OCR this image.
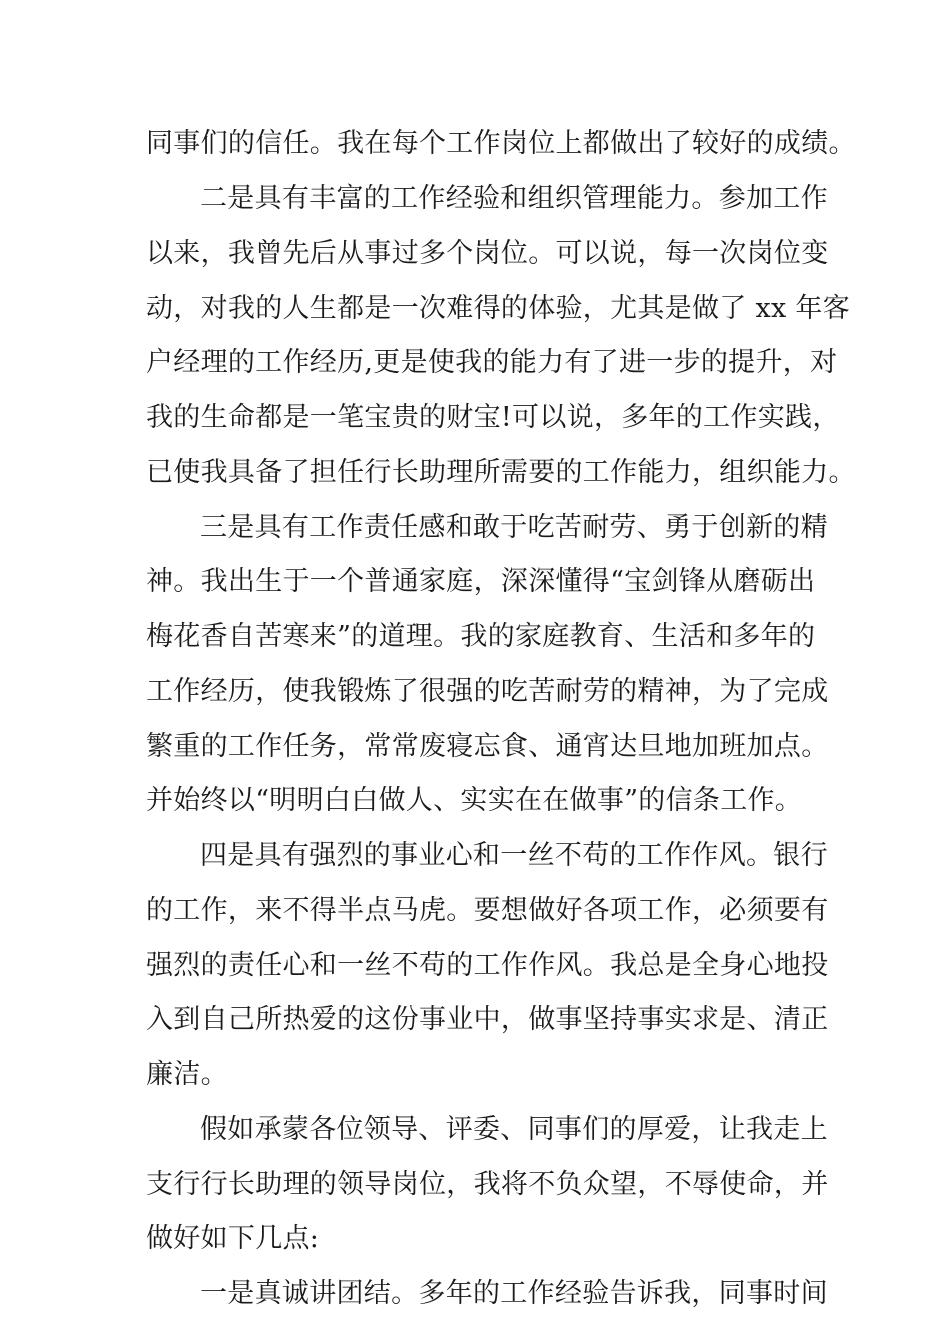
同事们的信任。我在每个工作岗位上都做出了较好的成绩。
二是具有丰富的工作经验和组织管理能力。参加工作
以来，我曾先后从事过多个岗位。可以说，每一次岗位变
动，对我的人生都是一次难得的体验，尤其是做了 xx 年客
户经理的工作经历,更是使我的能力有了进一步的提升，对
我的生命都是一笔宝贵的财宝!可以说，多年的工作实践，
已使我具备了担任行长助理所需要的工作能力，组织能力。
三是具有工作责任感和敢于吃苦耐劳、勇于创新的精
神。我出生于一个普通家庭，深深懂得“宝剑锋从磨砺出
梅花香自苦寒来”的道理。我的家庭教育、生活和多年的
工作经历，使我锻炼了很强的吃苦耐劳的精神，为了完成
繁重的工作任务，常常废寝忘食、通宵达旦地加班加点。
并始终以“明明白白做人、实实在在做事”的信条工作。
四是具有强烈的事业心和一丝不苟的工作作风。银行
的工作，来不得半点马虎。要想做好各项工作，必须要有
强烈的责任心和一丝不苟的工作作风。我总是全身心地投
入到自己所热爱的这份事业中，做事坚持事实求是、清正
廉洁。
假如承蒙各位领导、评委、同事们的厚爱，让我走上
支行行长助理的领导岗位，我将不负众望，不辱使命，并
做好如下几点:
一是真诚讲团结。多年的工作经验告诉我，同事时间
